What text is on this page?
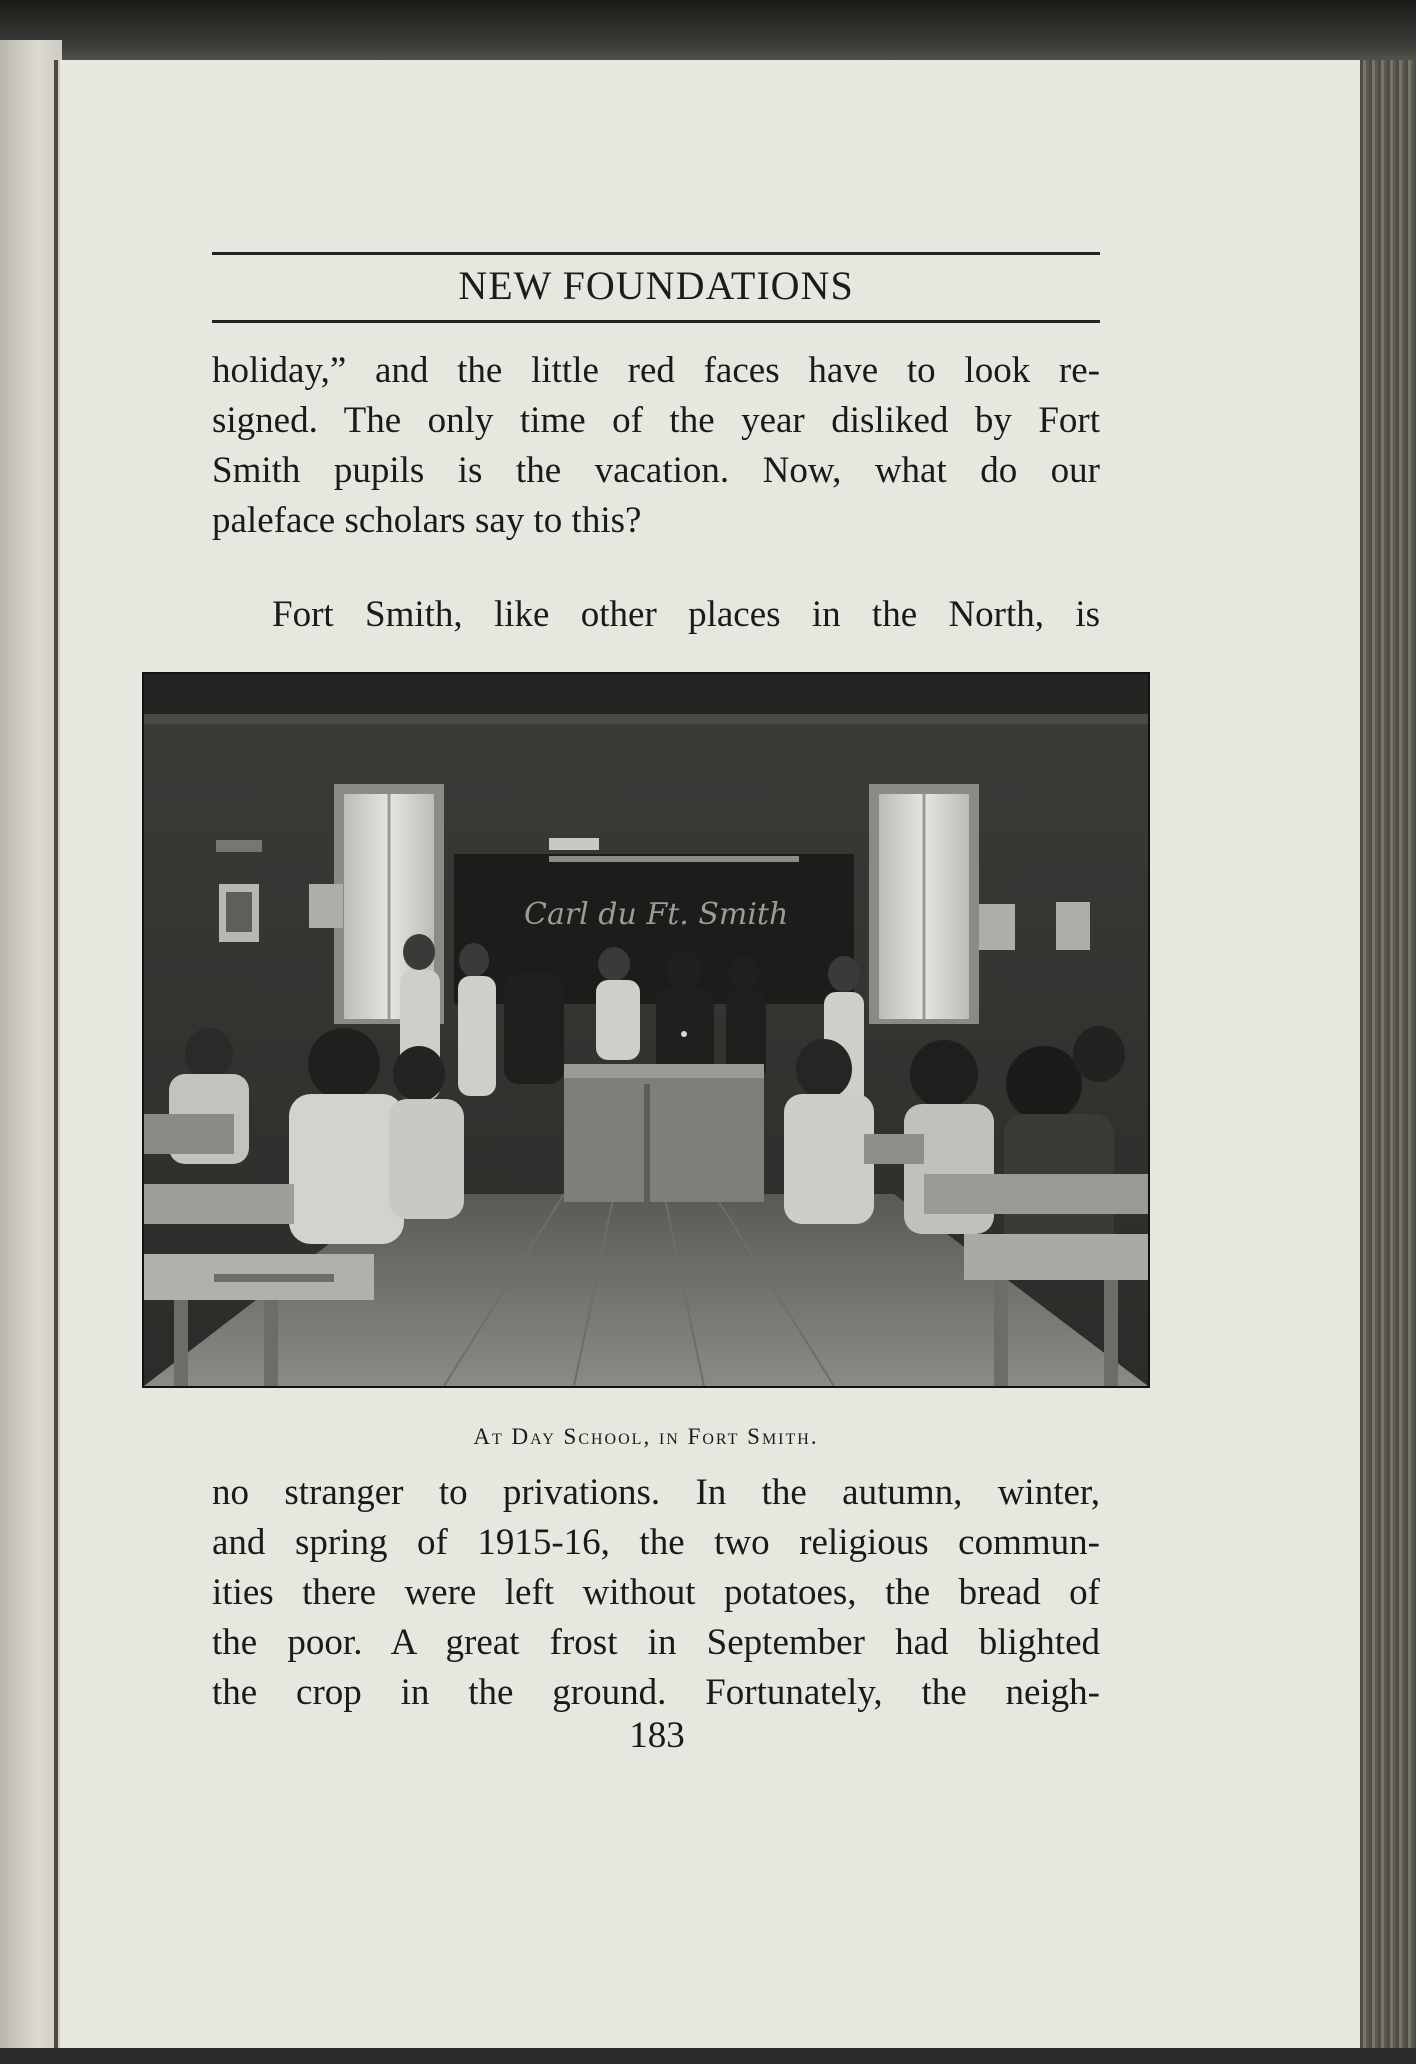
NEW FOUNDATIONS
holiday,” and the little red faces have to look re-
signed. The only time of the year disliked by Fort
Smith pupils is the vacation. Now, what do our
paleface scholars say to this?
Fort Smith, like other places in the North, is
Carl du Ft. Smith
At Day School, in Fort Smith.
no stranger to privations. In the autumn, winter,
and spring of 1915-16, the two religious commun-
ities there were left without potatoes, the bread of
the poor. A great frost in September had blighted
the crop in the ground. Fortunately, the neigh-
183
